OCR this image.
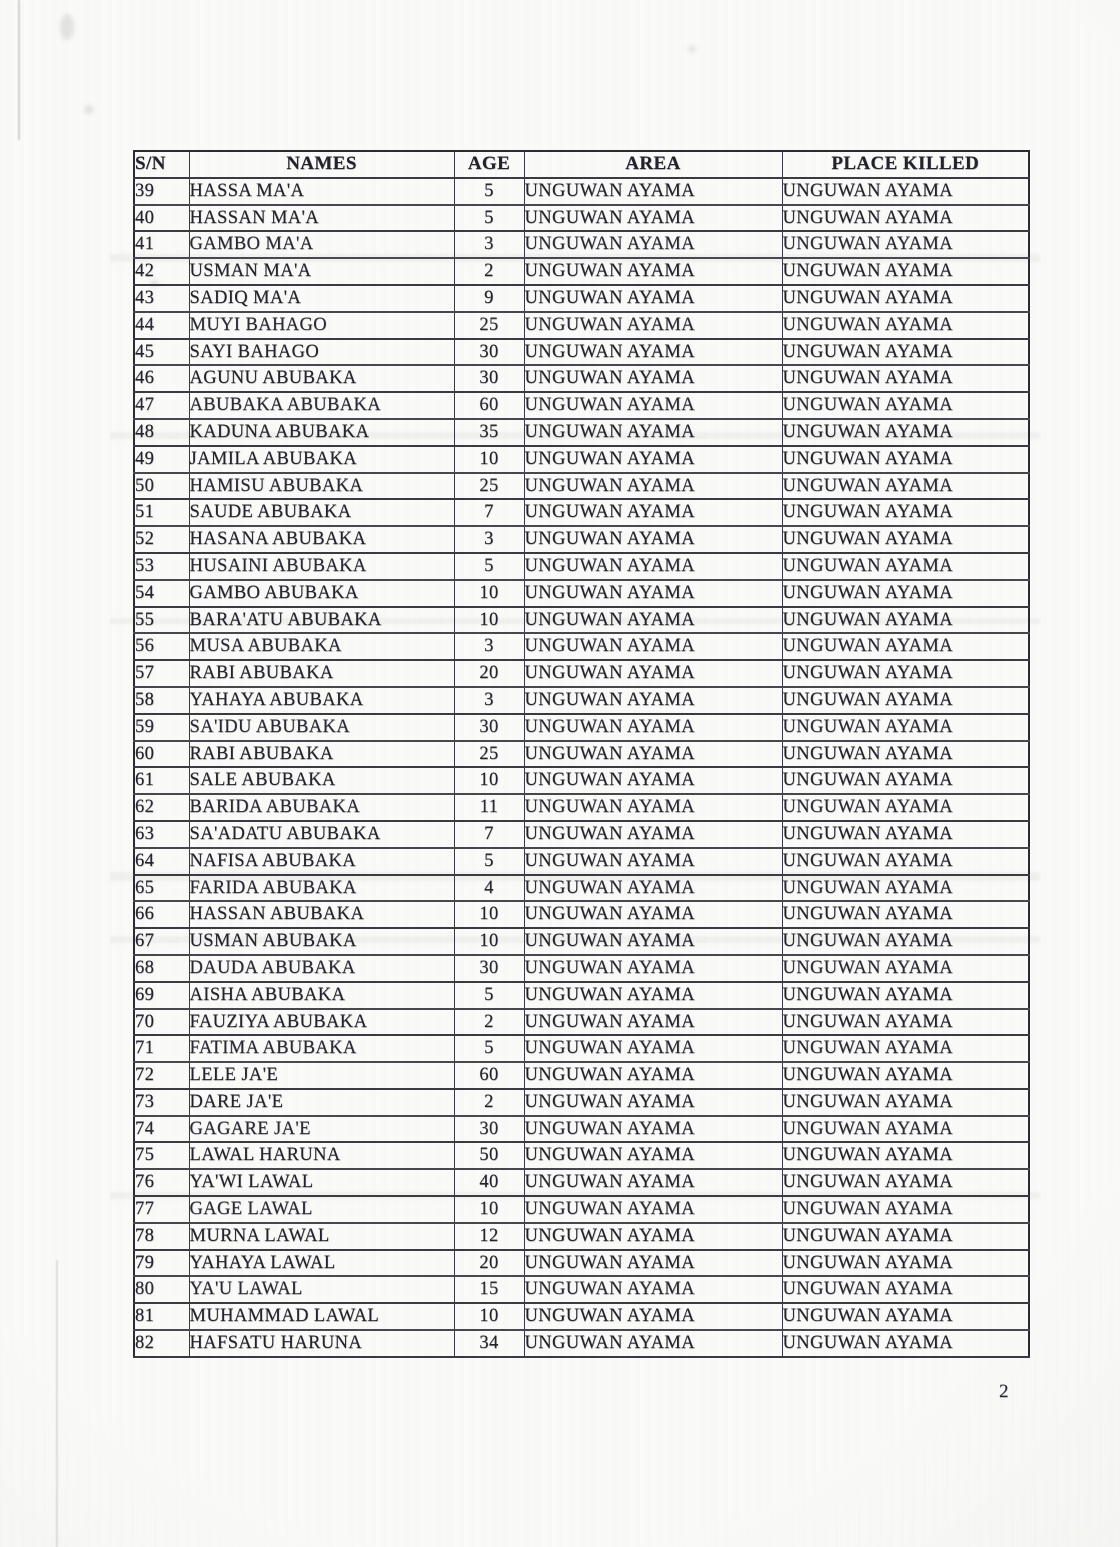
S/N	NAMES	AGE	AREA	PLACE KILLED
39	HASSA MA'A	5	UNGUWAN AYAMA	UNGUWAN AYAMA
40	HASSAN MA'A	5	UNGUWAN AYAMA	UNGUWAN AYAMA
41	GAMBO MA'A	3	UNGUWAN AYAMA	UNGUWAN AYAMA
42	USMAN MA'A	2	UNGUWAN AYAMA	UNGUWAN AYAMA
43	SADIQ MA'A	9	UNGUWAN AYAMA	UNGUWAN AYAMA
44	MUYI BAHAGO	25	UNGUWAN AYAMA	UNGUWAN AYAMA
45	SAYI BAHAGO	30	UNGUWAN AYAMA	UNGUWAN AYAMA
46	AGUNU ABUBAKA	30	UNGUWAN AYAMA	UNGUWAN AYAMA
47	ABUBAKA ABUBAKA	60	UNGUWAN AYAMA	UNGUWAN AYAMA
48	KADUNA ABUBAKA	35	UNGUWAN AYAMA	UNGUWAN AYAMA
49	JAMILA ABUBAKA	10	UNGUWAN AYAMA	UNGUWAN AYAMA
50	HAMISU ABUBAKA	25	UNGUWAN AYAMA	UNGUWAN AYAMA
51	SAUDE ABUBAKA	7	UNGUWAN AYAMA	UNGUWAN AYAMA
52	HASANA ABUBAKA	3	UNGUWAN AYAMA	UNGUWAN AYAMA
53	HUSAINI ABUBAKA	5	UNGUWAN AYAMA	UNGUWAN AYAMA
54	GAMBO ABUBAKA	10	UNGUWAN AYAMA	UNGUWAN AYAMA
55	BARA'ATU ABUBAKA	10	UNGUWAN AYAMA	UNGUWAN AYAMA
56	MUSA ABUBAKA	3	UNGUWAN AYAMA	UNGUWAN AYAMA
57	RABI ABUBAKA	20	UNGUWAN AYAMA	UNGUWAN AYAMA
58	YAHAYA ABUBAKA	3	UNGUWAN AYAMA	UNGUWAN AYAMA
59	SA'IDU ABUBAKA	30	UNGUWAN AYAMA	UNGUWAN AYAMA
60	RABI ABUBAKA	25	UNGUWAN AYAMA	UNGUWAN AYAMA
61	SALE ABUBAKA	10	UNGUWAN AYAMA	UNGUWAN AYAMA
62	BARIDA ABUBAKA	11	UNGUWAN AYAMA	UNGUWAN AYAMA
63	SA'ADATU ABUBAKA	7	UNGUWAN AYAMA	UNGUWAN AYAMA
64	NAFISA ABUBAKA	5	UNGUWAN AYAMA	UNGUWAN AYAMA
65	FARIDA ABUBAKA	4	UNGUWAN AYAMA	UNGUWAN AYAMA
66	HASSAN ABUBAKA	10	UNGUWAN AYAMA	UNGUWAN AYAMA
67	USMAN ABUBAKA	10	UNGUWAN AYAMA	UNGUWAN AYAMA
68	DAUDA ABUBAKA	30	UNGUWAN AYAMA	UNGUWAN AYAMA
69	AISHA ABUBAKA	5	UNGUWAN AYAMA	UNGUWAN AYAMA
70	FAUZIYA ABUBAKA	2	UNGUWAN AYAMA	UNGUWAN AYAMA
71	FATIMA ABUBAKA	5	UNGUWAN AYAMA	UNGUWAN AYAMA
72	LELE JA'E	60	UNGUWAN AYAMA	UNGUWAN AYAMA
73	DARE JA'E	2	UNGUWAN AYAMA	UNGUWAN AYAMA
74	GAGARE JA'E	30	UNGUWAN AYAMA	UNGUWAN AYAMA
75	LAWAL HARUNA	50	UNGUWAN AYAMA	UNGUWAN AYAMA
76	YA'WI LAWAL	40	UNGUWAN AYAMA	UNGUWAN AYAMA
77	GAGE LAWAL	10	UNGUWAN AYAMA	UNGUWAN AYAMA
78	MURNA LAWAL	12	UNGUWAN AYAMA	UNGUWAN AYAMA
79	YAHAYA LAWAL	20	UNGUWAN AYAMA	UNGUWAN AYAMA
80	YA'U LAWAL	15	UNGUWAN AYAMA	UNGUWAN AYAMA
81	MUHAMMAD LAWAL	10	UNGUWAN AYAMA	UNGUWAN AYAMA
82	HAFSATU HARUNA	34	UNGUWAN AYAMA	UNGUWAN AYAMA
2
